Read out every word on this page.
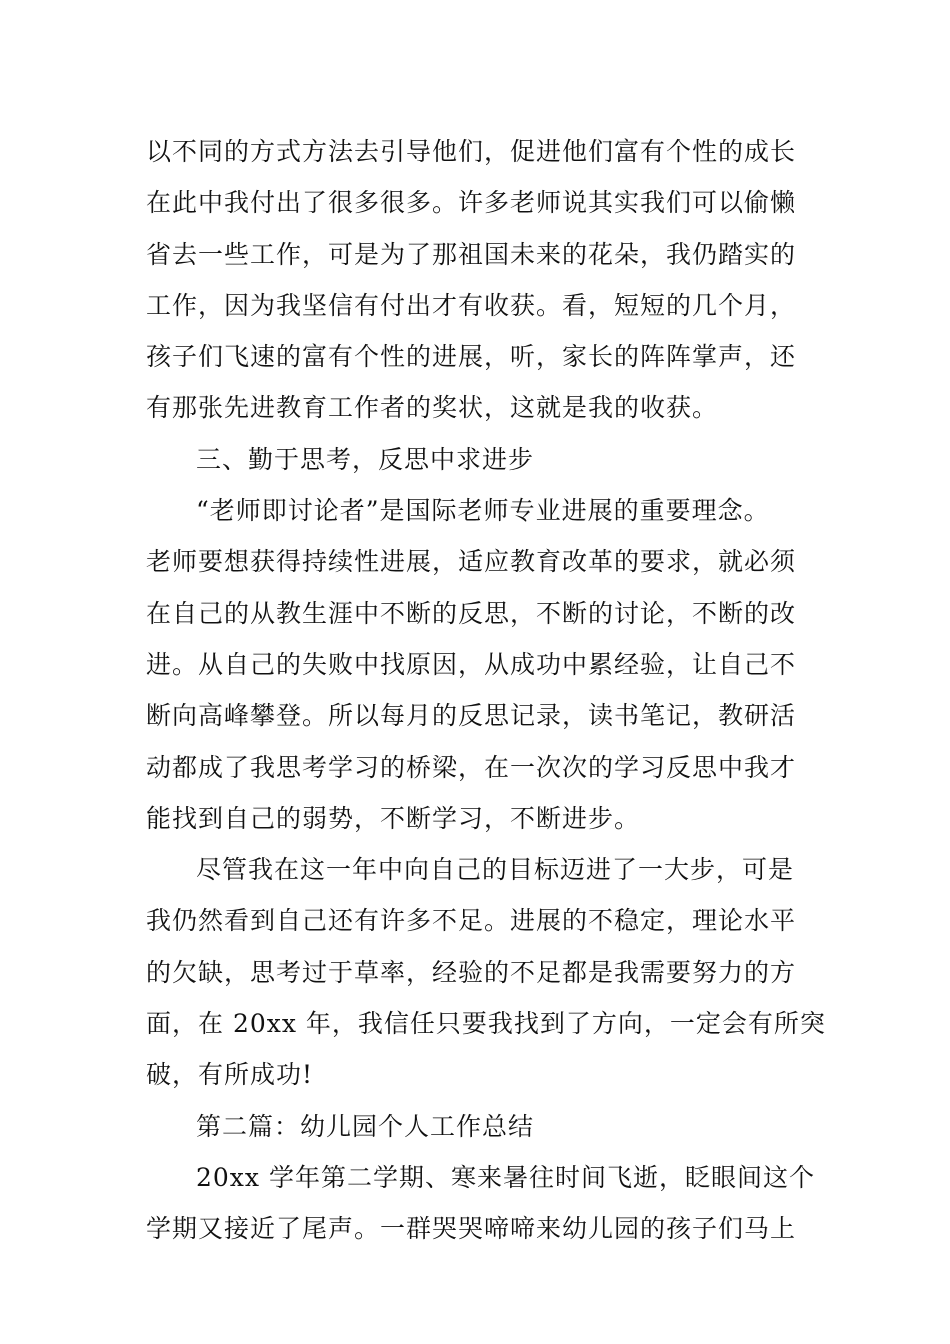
以不同的方式方法去引导他们，促进他们富有个性的成长
在此中我付出了很多很多。许多老师说其实我们可以偷懒
省去一些工作，可是为了那祖国未来的花朵，我仍踏实的
工作，因为我坚信有付出才有收获。看，短短的几个月，
孩子们飞速的富有个性的进展，听，家长的阵阵掌声，还
有那张先进教育工作者的奖状，这就是我的收获。
三、勤于思考，反思中求进步
“老师即讨论者”是国际老师专业进展的重要理念。
老师要想获得持续性进展，适应教育改革的要求，就必须
在自己的从教生涯中不断的反思，不断的讨论，不断的改
进。从自己的失败中找原因，从成功中累经验，让自己不
断向高峰攀登。所以每月的反思记录，读书笔记，教研活
动都成了我思考学习的桥梁，在一次次的学习反思中我才
能找到自己的弱势，不断学习，不断进步。
尽管我在这一年中向自己的目标迈进了一大步，可是
我仍然看到自己还有许多不足。进展的不稳定，理论水平
的欠缺，思考过于草率，经验的不足都是我需要努力的方
面，在 20xx 年，我信任只要我找到了方向，一定会有所突
破，有所成功!
第二篇：幼儿园个人工作总结
20xx 学年第二学期、寒来暑往时间飞逝，眨眼间这个
学期又接近了尾声。一群哭哭啼啼来幼儿园的孩子们马上
